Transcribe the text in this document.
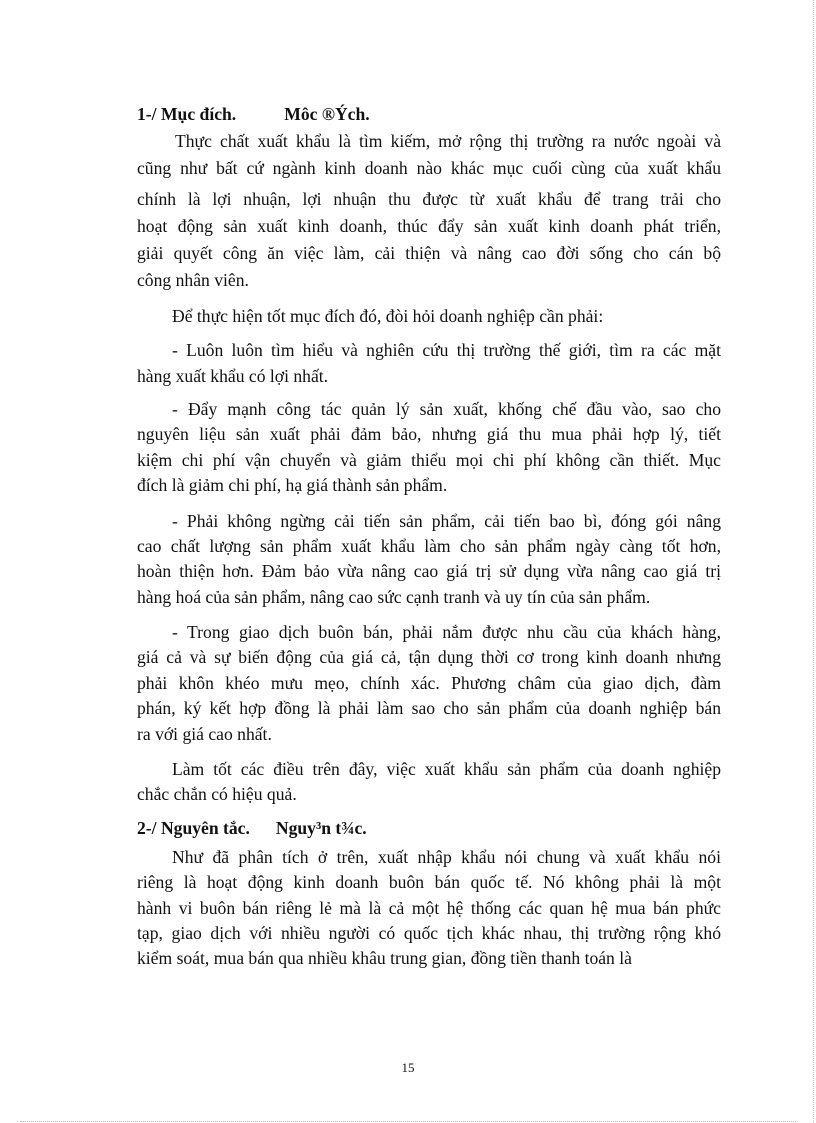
1-/ Mục đích.	Môc ®Ých.
Thực chất xuất khẩu là tìm kiếm, mở rộng thị trường ra nước ngoài và
cũng như bất cứ ngành kinh doanh nào khác mục cuối cùng của xuất khẩu
chính là lợi nhuận, lợi nhuận thu được từ xuất khẩu để trang trải cho
hoạt động sản xuất kinh doanh, thúc đẩy sản xuất kinh doanh phát triển,
giải quyết công ăn việc làm, cải thiện và nâng cao đời sống cho cán bộ
công nhân viên.
Để thực hiện tốt mục đích đó, đòi hỏi doanh nghiệp cần phải:
- Luôn luôn tìm hiểu và nghiên cứu thị trường thế giới, tìm ra các mặt
hàng xuất khẩu có lợi nhất.
- Đẩy mạnh công tác quản lý sản xuất, khống chế đầu vào, sao cho
nguyên liệu sản xuất phải đảm bảo, nhưng giá thu mua phải hợp lý, tiết
kiệm chi phí vận chuyển và giảm thiểu mọi chi phí không cần thiết. Mục
đích là giảm chi phí, hạ giá thành sản phẩm.
- Phải không ngừng cải tiến sản phẩm, cải tiến bao bì, đóng gói nâng
cao chất lượng sản phẩm xuất khẩu làm cho sản phẩm ngày càng tốt hơn,
hoàn thiện hơn. Đảm bảo vừa nâng cao giá trị sử dụng vừa nâng cao giá trị
hàng hoá của sản phẩm, nâng cao sức cạnh tranh và uy tín của sản phẩm.
- Trong giao dịch buôn bán, phải nắm được nhu cầu của khách hàng,
giá cả và sự biến động của giá cả, tận dụng thời cơ trong kinh doanh nhưng
phải khôn khéo mưu mẹo, chính xác. Phương châm của giao dịch, đàm
phán, ký kết hợp đồng là phải làm sao cho sản phẩm của doanh nghiệp bán
ra với giá cao nhất.
Làm tốt các điều trên đây, việc xuất khẩu sản phẩm của doanh nghiệp
chắc chắn có hiệu quả.
2-/ Nguyên tắc. Nguy³n t¾c.
Như đã phân tích ở trên, xuất nhập khẩu nói chung và xuất khẩu nói
riêng là hoạt động kinh doanh buôn bán quốc tế. Nó không phải là một
hành vi buôn bán riêng lẻ mà là cả một hệ thống các quan hệ mua bán phức
tạp, giao dịch với nhiều người có quốc tịch khác nhau, thị trường rộng khó
kiểm soát, mua bán qua nhiều khâu trung gian, đồng tiền thanh toán là
15
